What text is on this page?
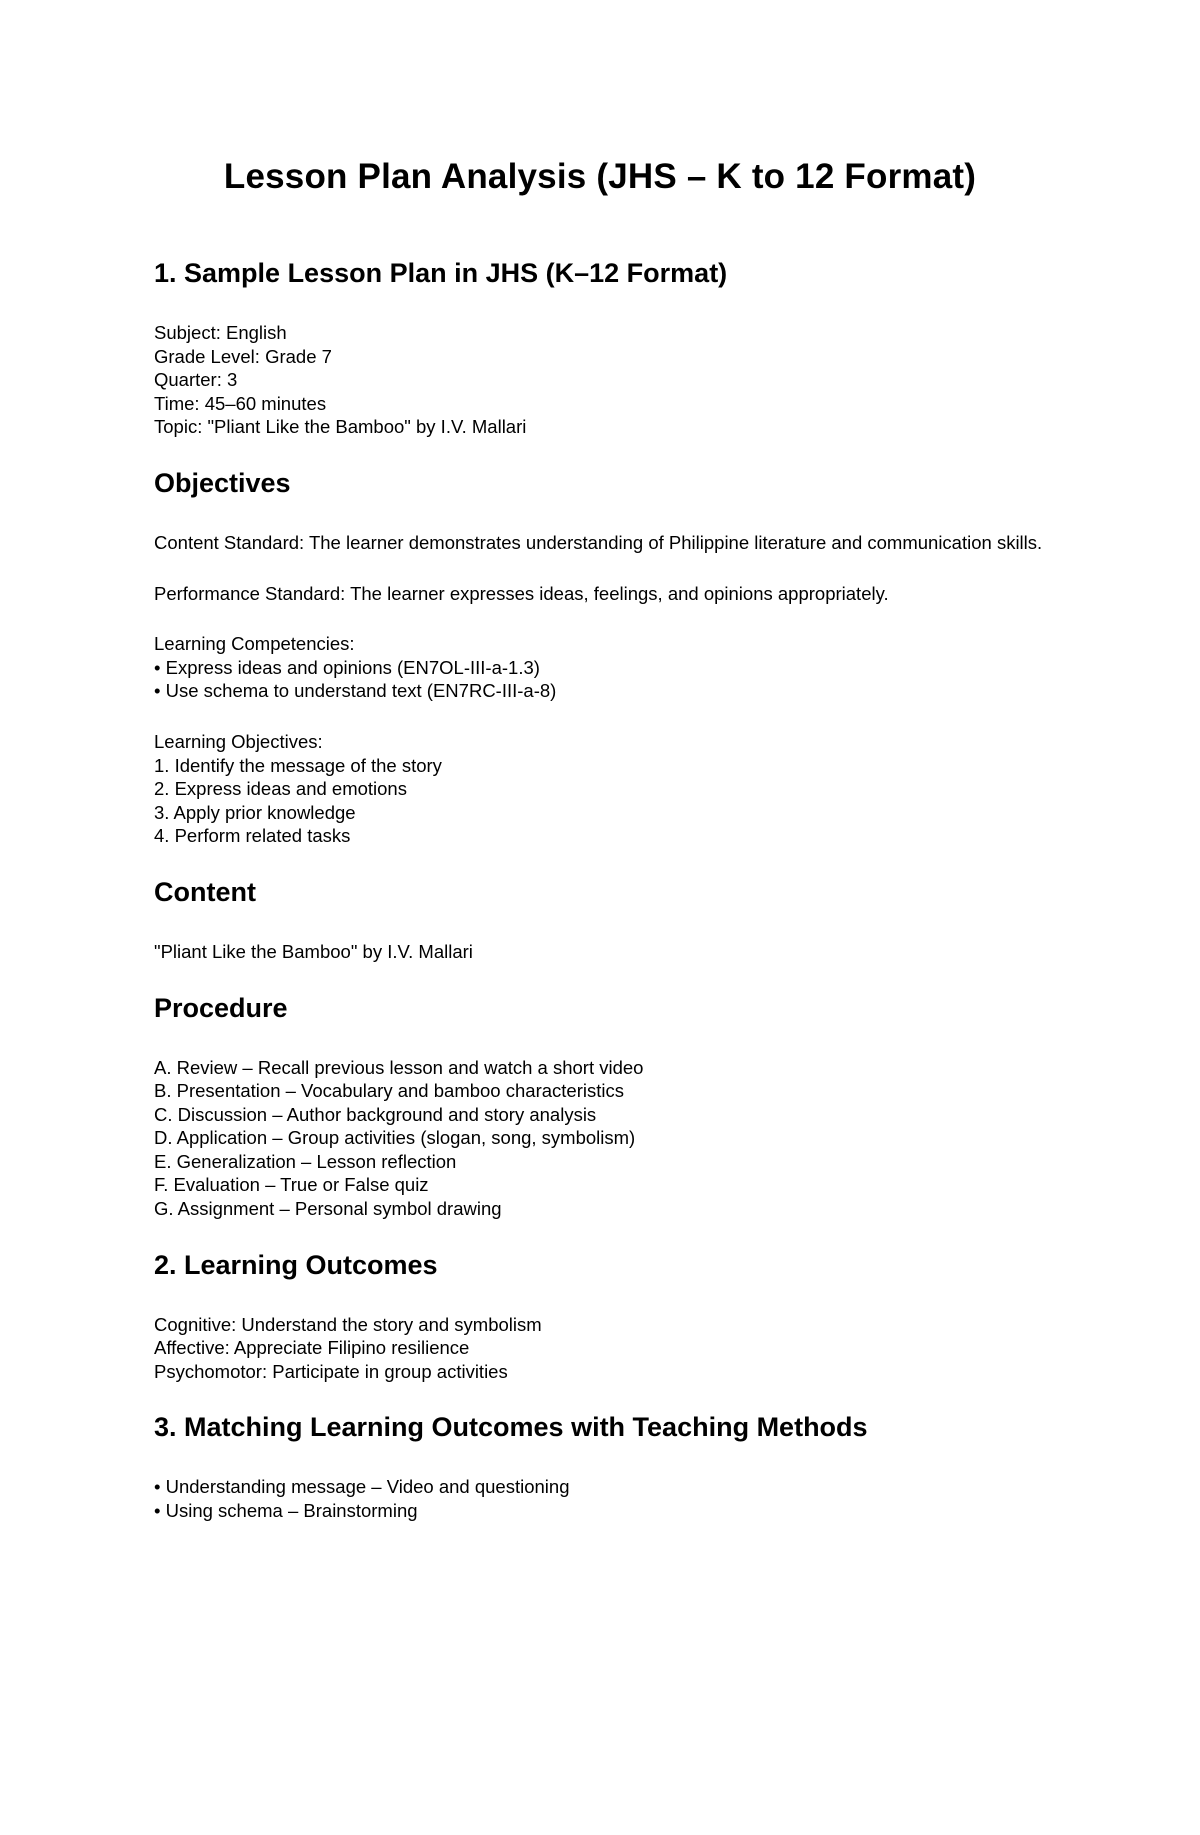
Lesson Plan Analysis (JHS – K to 12 Format)
1. Sample Lesson Plan in JHS (K–12 Format)
Subject: English
Grade Level: Grade 7
Quarter: 3
Time: 45–60 minutes
Topic: "Pliant Like the Bamboo" by I.V. Mallari
Objectives

Content Standard: The learner demonstrates understanding of Philippine literature and communication skills.

Performance Standard: The learner expresses ideas, feelings, and opinions appropriately.

Learning Competencies:
• Express ideas and opinions (EN7OL-III-a-1.3)
• Use schema to understand text (EN7RC-III-a-8)
Learning Objectives:
1. Identify the message of the story
2. Express ideas and emotions
3. Apply prior knowledge
4. Perform related tasks
Content

"Pliant Like the Bamboo" by I.V. Mallari

Procedure
A. Review – Recall previous lesson and watch a short video
B. Presentation – Vocabulary and bamboo characteristics
C. Discussion – Author background and story analysis
D. Application – Group activities (slogan, song, symbolism)
E. Generalization – Lesson reflection
F. Evaluation – True or False quiz
G. Assignment – Personal symbol drawing
2. Learning Outcomes
Cognitive: Understand the story and symbolism
Affective: Appreciate Filipino resilience
Psychomotor: Participate in group activities
3. Matching Learning Outcomes with Teaching Methods
• Understanding message – Video and questioning
• Using schema – Brainstorming
